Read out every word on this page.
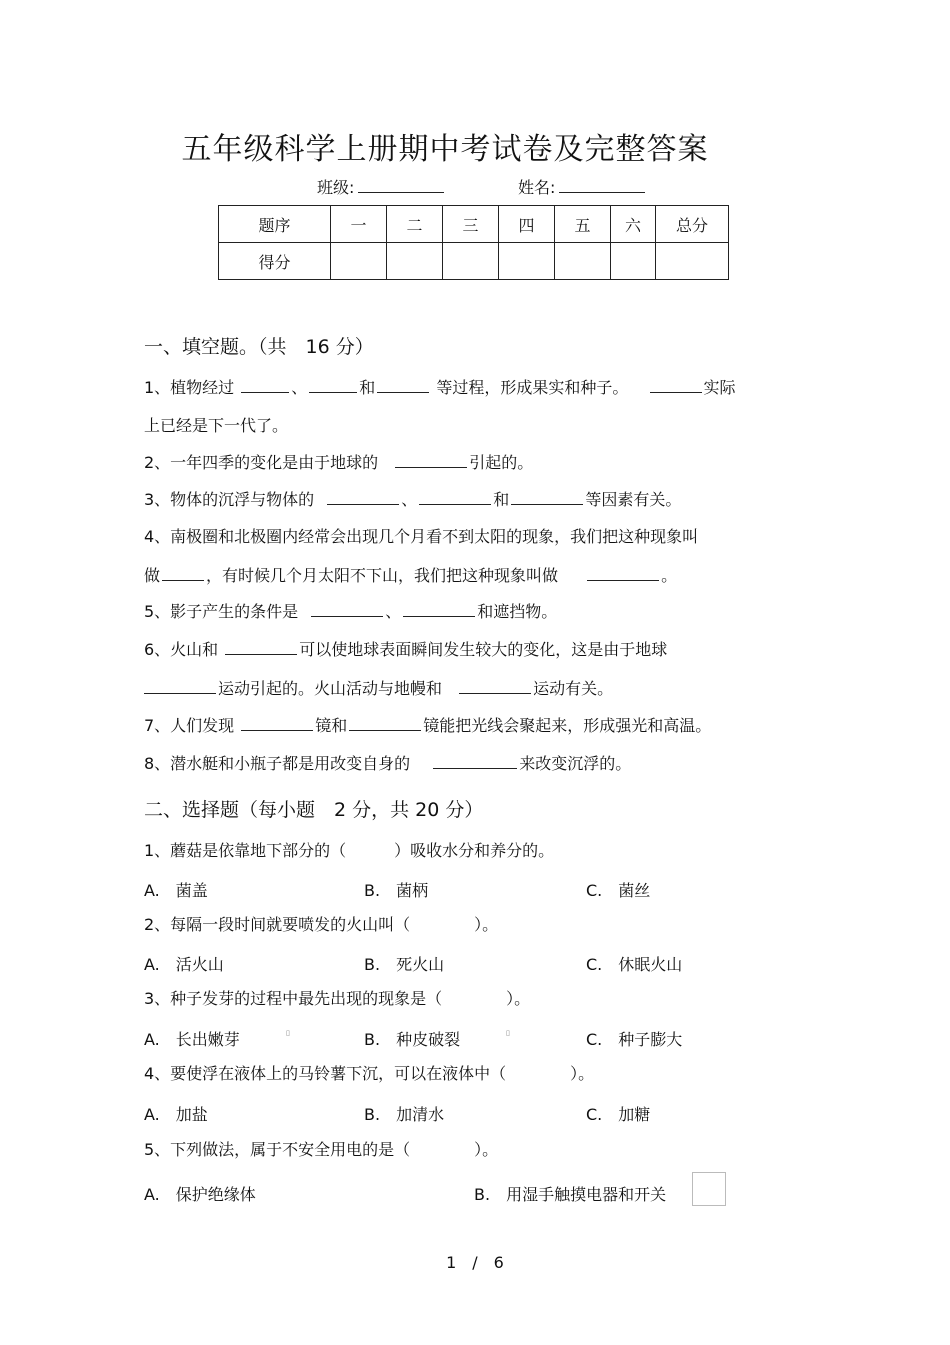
五年级科学上册期中考试卷及完整答案
班级:	姓名:
题序	一	二	三	四	五	六	总分
得分							
一、填空题。（共　16 分）
1、植物经过	、	和	等过程，形成果实和种子。	实际
上已经是下一代了。
2、一年四季的变化是由于地球的	引起的。
3、物体的沉浮与物体的	、	和	等因素有关。
4、南极圈和北极圈内经常会出现几个月看不到太阳的现象，我们把这种现象叫
做	，有时候几个月太阳不下山，我们把这种现象叫做	。
5、影子产生的条件是	、	和遮挡物。
6、火山和	可以使地球表面瞬间发生较大的变化，这是由于地球
运动引起的。火山活动与地幔和	运动有关。
7、人们发现	镜和	镜能把光线会聚起来，形成强光和高温。
8、潜水艇和小瓶子都是用改变自身的	来改变沉浮的。
二、选择题（每小题　2 分，共 20 分）
1、蘑菇是依靠地下部分的（　　　）吸收水分和养分的。
A.　菌盖	B.　菌柄	C.　菌丝
2、每隔一段时间就要喷发的火山叫（　　　　）。
A.　活火山	B.　死火山	C.　休眠火山
3、种子发芽的过程中最先出现的现象是（　　　　）。
A.　长出嫩芽	▯	B.　种皮破裂	▯	C.　种子膨大
4、要使浮在液体上的马铃薯下沉，可以在液体中（　　　　）。
A.　加盐	B.　加清水	C.　加糖
5、下列做法，属于不安全用电的是（　　　　）。
A.　保护绝缘体	B.　用湿手触摸电器和开关
1　/　6
